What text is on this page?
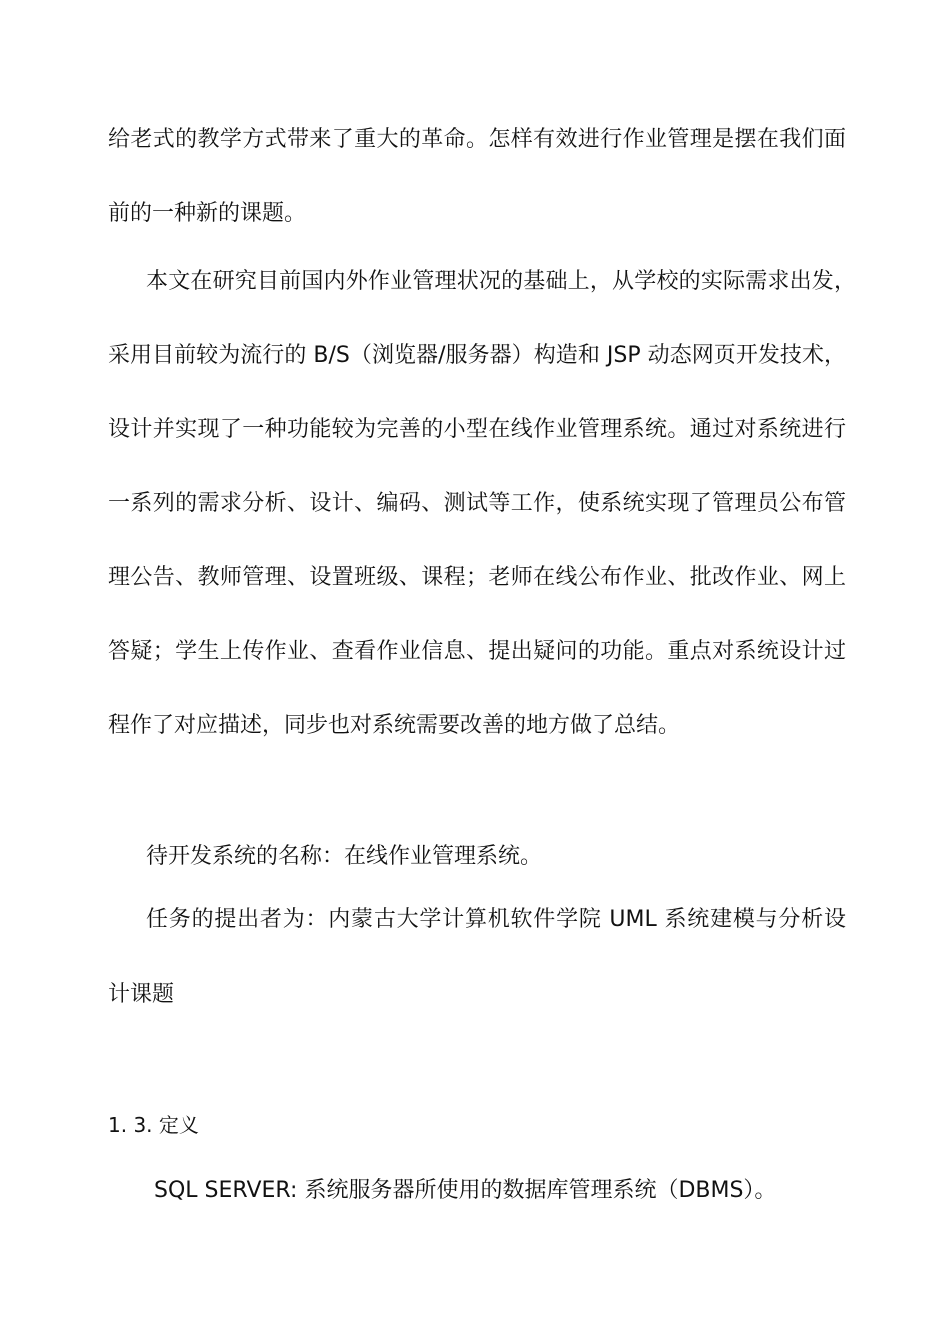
给老式的教学方式带来了重大的革命。怎样有效进行作业管理是摆在我们面
前的一种新的课题。
本文在研究目前国内外作业管理状况的基础上，从学校的实际需求出发，
采用目前较为流行的 B/S（浏览器/服务器）构造和 JSP 动态网页开发技术，
设计并实现了一种功能较为完善的小型在线作业管理系统。通过对系统进行
一系列的需求分析、设计、编码、测试等工作，使系统实现了管理员公布管
理公告、教师管理、设置班级、课程；老师在线公布作业、批改作业、网上
答疑；学生上传作业、查看作业信息、提出疑问的功能。重点对系统设计过
程作了对应描述，同步也对系统需要改善的地方做了总结。
待开发系统的名称：在线作业管理系统。
任务的提出者为：内蒙古大学计算机软件学院 UML 系统建模与分析设
计课题
1. 3. 定义
SQL SERVER: 系统服务器所使用的数据库管理系统（DBMS）。
